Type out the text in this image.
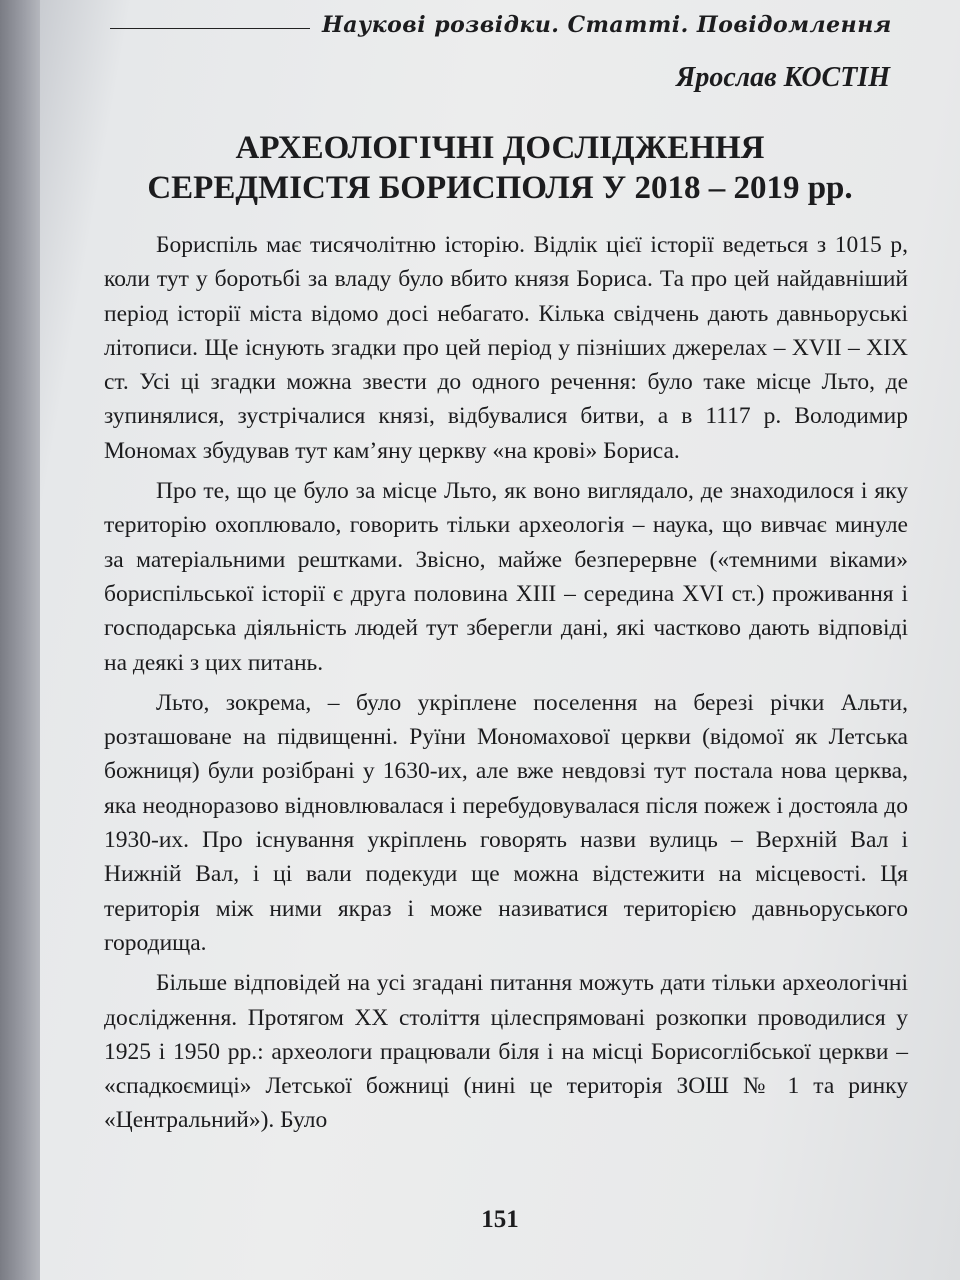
Наукові розвідки. Статті. Повідомлення
Ярослав КОСТІН
АРХЕОЛОГІЧНІ ДОСЛІДЖЕННЯ
СЕРЕДМІСТЯ БОРИСПОЛЯ У 2018 – 2019 рр.

Бориспіль має тисячолітню історію. Відлік цієї історії ведеться з 1015 р, коли тут у боротьбі за владу було вбито князя Бориса. Та про цей найдавніший період історії міста відомо досі небагато. Кілька свідчень дають давньоруські літописи. Ще існують згадки про цей період у пізніших джерелах – XVII – XIX ст. Усі ці згадки можна звести до одного речення: було таке місце Льто, де зупинялися, зустрічалися князі, відбувалися битви, а в 1117 р. Володимир Мономах збудував тут кам’яну церкву «на крові» Бориса.

Про те, що це було за місце Льто, як воно виглядало, де знаходилося і яку територію охоплювало, говорить тільки археологія – наука, що вивчає минуле за матеріальними рештками. Звісно, майже безперервне («темними віками» бориспільської історії є друга половина XIII – середина XVI ст.) проживання і господарська діяльність людей тут зберегли дані, які частково дають відповіді на деякі з цих питань.

Льто, зокрема, – було укріплене поселення на березі річки Альти, розташоване на підвищенні. Руїни Мономахової церкви (відомої як Летська божниця) були розібрані у 1630-их, але вже невдовзі тут постала нова церква, яка неодноразово відновлювалася і перебудовувалася після пожеж і достояла до 1930-их. Про існування укріплень говорять назви вулиць – Верхній Вал і Нижній Вал, і ці вали подекуди ще можна відстежити на місцевості. Ця територія між ними якраз і може називатися територією давньоруського городища.

Більше відповідей на усі згадані питання можуть дати тільки археологічні дослідження. Протягом XX століття цілеспрямовані розкопки проводилися у 1925 і 1950 рр.: археологи працювали біля і на місці Борисоглібської церкви – «спадкоємиці» Летської божниці (нині це територія ЗОШ № 1 та ринку «Центральний»). Було

151
